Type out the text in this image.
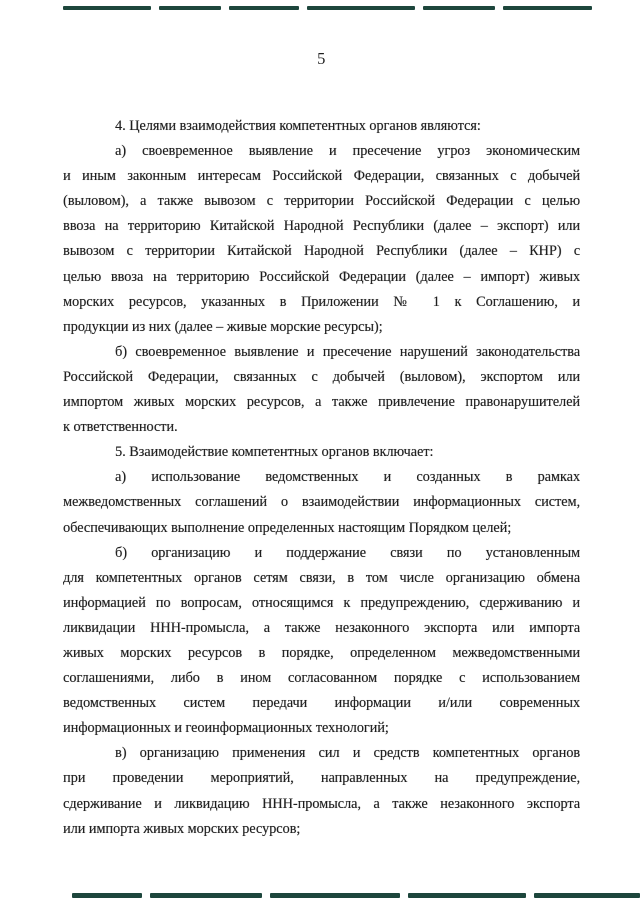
5
4. Целями взаимодействия компетентных органов являются:
а) своевременное выявление и пресечение угроз экономическим
и иным законным интересам Российской Федерации, связанных с добычей
(выловом), а также вывозом с территории Российской Федерации с целью
ввоза на территорию Китайской Народной Республики (далее – экспорт) или
вывозом с территории Китайской Народной Республики (далее – КНР) с
целью ввоза на территорию Российской Федерации (далее – импорт) живых
морских ресурсов, указанных в Приложении № 1 к Соглашению, и
продукции из них (далее – живые морские ресурсы);
б) своевременное выявление и пресечение нарушений законодательства
Российской Федерации, связанных с добычей (выловом), экспортом или
импортом живых морских ресурсов, а также привлечение правонарушителей
к ответственности.
5. Взаимодействие компетентных органов включает:
а) использование ведомственных и созданных в рамках
межведомственных соглашений о взаимодействии информационных систем,
обеспечивающих выполнение определенных настоящим Порядком целей;
б) организацию и поддержание связи по установленным
для компетентных органов сетям связи, в том числе организацию обмена
информацией по вопросам, относящимся к предупреждению, сдерживанию и
ликвидации ННН-промысла, а также незаконного экспорта или импорта
живых морских ресурсов в порядке, определенном межведомственными
соглашениями, либо в ином согласованном порядке с использованием
ведомственных систем передачи информации и/или современных
информационных и геоинформационных технологий;
в) организацию применения сил и средств компетентных органов
при проведении мероприятий, направленных на предупреждение,
сдерживание и ликвидацию ННН-промысла, а также незаконного экспорта
или импорта живых морских ресурсов;
